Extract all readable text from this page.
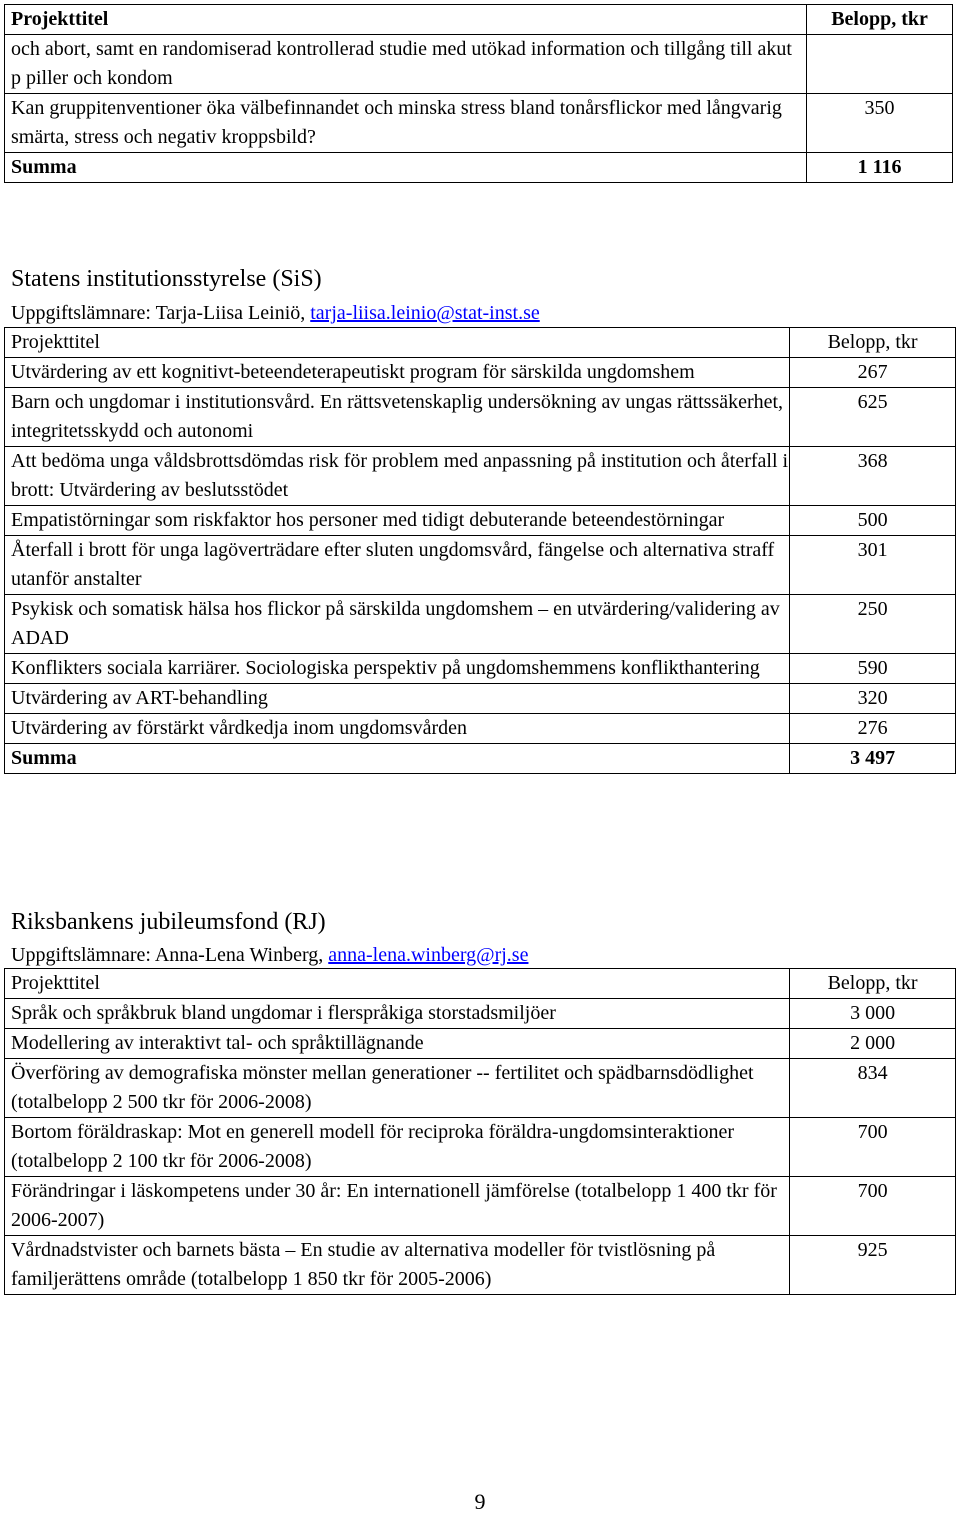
Projekttitel	Belopp, tkr
och abort, samt en randomiserad kontrollerad studie med utökad information och tillgång till akut p piller och kondom	
Kan gruppitenventioner öka välbefinnandet och minska stress bland tonårsflickor med långvarig smärta, stress och negativ kroppsbild?	350
Summa	1 116
Statens institutionsstyrelse (SiS)
Uppgiftslämnare: Tarja-Liisa Leiniö, tarja-liisa.leinio@stat-inst.se
Projekttitel	Belopp, tkr
Utvärdering av ett kognitivt-beteendeterapeutiskt program för särskilda ungdomshem	267
Barn och ungdomar i institutionsvård. En rättsvetenskaplig undersökning av ungas rättssäkerhet, integritetsskydd och autonomi	625
Att bedöma unga våldsbrottsdömdas risk för problem med anpassning på institution och återfall i brott: Utvärdering av beslutsstödet	368
Empatistörningar som riskfaktor hos personer med tidigt debuterande beteendestörningar	500
Återfall i brott för unga lagöverträdare efter sluten ungdomsvård, fängelse och alternativa straff utanför anstalter	301
Psykisk och somatisk hälsa hos flickor på särskilda ungdomshem – en utvärdering/validering av ADAD	250
Konflikters sociala karriärer. Sociologiska perspektiv på ungdomshemmens konflikthantering	590
Utvärdering av ART-behandling	320
Utvärdering av förstärkt vårdkedja inom ungdomsvården	276
Summa	3 497
Riksbankens jubileumsfond (RJ)
Uppgiftslämnare: Anna-Lena Winberg, anna-lena.winberg@rj.se
Projekttitel	Belopp, tkr
Språk och språkbruk bland ungdomar i flerspråkiga storstadsmiljöer	3 000
Modellering av interaktivt tal- och språktillägnande	2 000
Överföring av demografiska mönster mellan generationer -- fertilitet och spädbarnsdödlighet (totalbelopp 2 500 tkr för 2006-2008)	834
Bortom föräldraskap: Mot en generell modell för reciproka föräldra-ungdomsinteraktioner (totalbelopp 2 100 tkr för 2006-2008)	700
Förändringar i läskompetens under 30 år: En internationell jämförelse (totalbelopp 1 400 tkr för 2006-2007)	700
Vårdnadstvister och barnets bästa – En studie av alternativa modeller för tvistlösning på familjerättens område (totalbelopp 1 850 tkr för 2005-2006)	925
9
